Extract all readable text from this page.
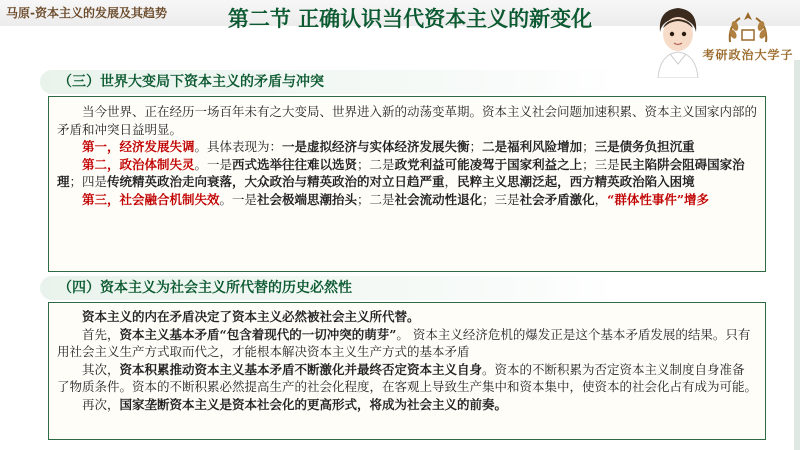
马原-资本主义的发展及其趋势	第二节 正确认识当代资本主义的新变化
考研政治大学子
（三）世界大变局下资本主义的矛盾与冲突

当今世界、正在经历一场百年未有之大变局、世界进入新的动荡变革期。资本主义社会问题加速积累、资本主义国家内部的矛盾和冲突日益明显。

第一，经济发展失调。具体表现为：一是虚拟经济与实体经济发展失衡；二是福利风险增加；三是债务负担沉重

第二，政治体制失灵。一是西式选举往往难以选贤；二是政党利益可能凌驾于国家利益之上；三是民主陷阱会阻碍国家治理；四是传统精英政治走向衰落，大众政治与精英政治的对立日趋严重，民粹主义思潮泛起，西方精英政治陷入困境

第三，社会融合机制失效。一是社会极端思潮抬头；二是社会流动性退化；三是社会矛盾激化，“群体性事件”增多

（四）资本主义为社会主义所代替的历史必然性

资本主义的内在矛盾决定了资本主义必然被社会主义所代替。

首先，资本主义基本矛盾“包含着现代的一切冲突的萌芽”。 资本主义经济危机的爆发正是这个基本矛盾发展的结果。只有用社会主义生产方式取而代之，才能根本解决资本主义生产方式的基本矛盾

其次，资本积累推动资本主义基本矛盾不断激化并最终否定资本主义自身。资本的不断积累为否定资本主义制度自身准备了物质条件。资本的不断积累必然提高生产的社会化程度，在客观上导致生产集中和资本集中，使资本的社会化占有成为可能。

再次，国家垄断资本主义是资本社会化的更高形式，将成为社会主义的前奏。
